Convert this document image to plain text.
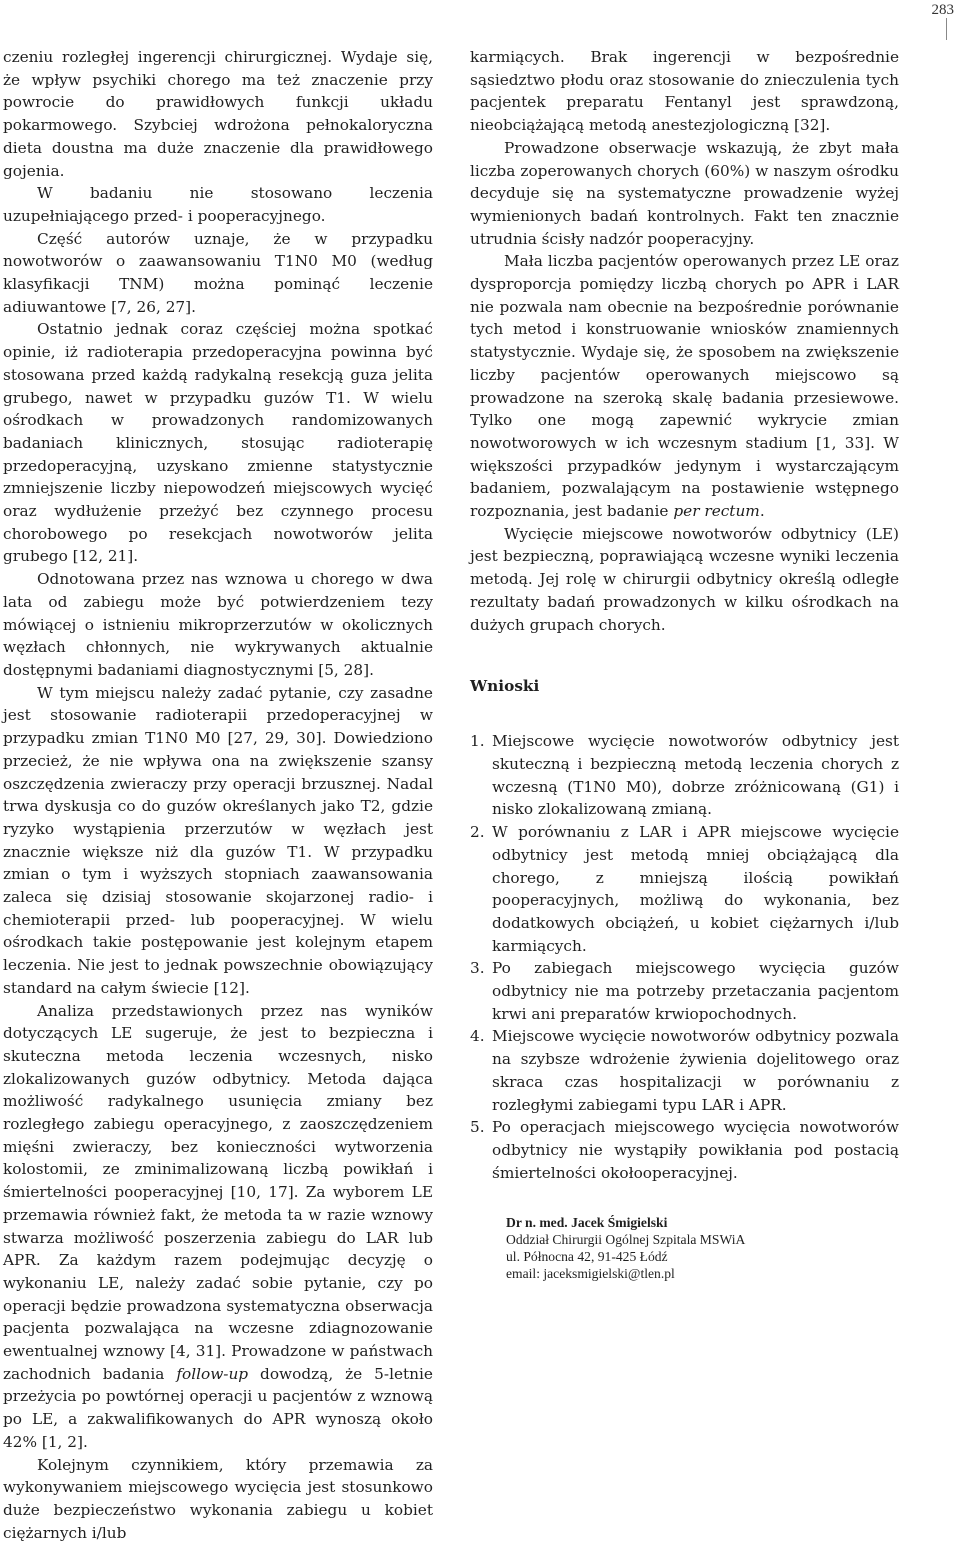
283

czeniu rozległej ingerencji chirurgicznej. Wydaje się, że wpływ psychiki chorego ma też znaczenie przy powrocie do prawidłowych funkcji układu pokarmowego. Szybciej wdrożona pełnokaloryczna dieta doustna ma duże znaczenie dla prawidłowego gojenia.

W badaniu nie stosowano leczenia uzupełniającego przed- i pooperacyjnego.

Część autorów uznaje, że w przypadku nowotworów o zaawansowaniu T1N0 M0 (według klasyfikacji TNM) można pominąć leczenie adiuwantowe [7, 26, 27].

Ostatnio jednak coraz częściej można spotkać opinie, iż radioterapia przedoperacyjna powinna być stosowana przed każdą radykalną resekcją guza jelita grubego, nawet w przypadku guzów T1. W wielu ośrodkach w prowadzonych randomizowanych badaniach klinicznych, stosując radioterapię przedoperacyjną, uzyskano zmienne statystycznie zmniejszenie liczby niepowodzeń miejscowych wycięć oraz wydłużenie przeżyć bez czynnego procesu chorobowego po resekcjach nowotworów jelita grubego [12, 21].

Odnotowana przez nas wznowa u chorego w dwa lata od zabiegu może być potwierdzeniem tezy mówiącej o istnieniu mikroprzerzutów w okolicznych węzłach chłonnych, nie wykrywanych aktualnie dostępnymi badaniami diagnostycznymi [5, 28].

W tym miejscu należy zadać pytanie, czy zasadne jest stosowanie radioterapii przedoperacyjnej w przypadku zmian T1N0 M0 [27, 29, 30]. Dowiedziono przecież, że nie wpływa ona na zwiększenie szansy oszczędzenia zwieraczy przy operacji brzusznej. Nadal trwa dyskusja co do guzów określanych jako T2, gdzie ryzyko wystąpienia przerzutów w węzłach jest znacznie większe niż dla guzów T1. W przypadku zmian o tym i wyższych stopniach zaawansowania zaleca się dzisiaj stosowanie skojarzonej radio- i chemioterapii przed- lub pooperacyjnej. W wielu ośrodkach takie postępowanie jest kolejnym etapem leczenia. Nie jest to jednak powszechnie obowiązujący standard na całym świecie [12].

Analiza przedstawionych przez nas wyników dotyczących LE sugeruje, że jest to bezpieczna i skuteczna metoda leczenia wczesnych, nisko zlokalizowanych guzów odbytnicy. Metoda dająca możliwość radykalnego usunięcia zmiany bez rozległego zabiegu operacyjnego, z zaoszczędzeniem mięśni zwieraczy, bez konieczności wytworzenia kolostomii, ze zminimalizowaną liczbą powikłań i śmiertelności pooperacyjnej [10, 17]. Za wyborem LE przemawia również fakt, że metoda ta w razie wznowy stwarza możliwość poszerzenia zabiegu do LAR lub APR. Za każdym razem podejmując decyzję o wykonaniu LE, należy zadać sobie pytanie, czy po operacji będzie prowadzona systematyczna obserwacja pacjenta pozwalająca na wczesne zdiagnozowanie ewentualnej wznowy [4, 31]. Prowadzone w państwach zachodnich badania follow-up dowodzą, że 5-letnie przeżycia po powtórnej operacji u pacjentów z wznową po LE, a zakwalifikowanych do APR wynoszą około 42% [1, 2].

Kolejnym czynnikiem, który przemawia za wykonywaniem miejscowego wycięcia jest stosunkowo duże bezpieczeństwo wykonania zabiegu u kobiet ciężarnych i/lub

karmiących. Brak ingerencji w bezpośrednie sąsiedztwo płodu oraz stosowanie do znieczulenia tych pacjentek preparatu Fentanyl jest sprawdzoną, nieobciążającą metodą anestezjologiczną [32].

Prowadzone obserwacje wskazują, że zbyt mała liczba zoperowanych chorych (60%) w naszym ośrodku decyduje się na systematyczne prowadzenie wyżej wymienionych badań kontrolnych. Fakt ten znacznie utrudnia ścisły nadzór pooperacyjny.

Mała liczba pacjentów operowanych przez LE oraz dysproporcja pomiędzy liczbą chorych po APR i LAR nie pozwala nam obecnie na bezpośrednie porównanie tych metod i konstruowanie wniosków znamiennych statystycznie. Wydaje się, że sposobem na zwiększenie liczby pacjentów operowanych miejscowo są prowadzone na szeroką skalę badania przesiewowe. Tylko one mogą zapewnić wykrycie zmian nowotworowych w ich wczesnym stadium [1, 33]. W większości przypadków jedynym i wystarczającym badaniem, pozwalającym na postawienie wstępnego rozpoznania, jest badanie per rectum.

Wycięcie miejscowe nowotworów odbytnicy (LE) jest bezpieczną, poprawiającą wczesne wyniki leczenia metodą. Jej rolę w chirurgii odbytnicy określą odległe rezultaty badań prowadzonych w kilku ośrodkach na dużych grupach chorych.

Wnioski

1. Miejscowe wycięcie nowotworów odbytnicy jest skuteczną i bezpieczną metodą leczenia chorych z wczesną (T1N0 M0), dobrze zróżnicowaną (G1) i nisko zlokalizowaną zmianą.
2. W porównaniu z LAR i APR miejscowe wycięcie odbytnicy jest metodą mniej obciążającą dla chorego, z mniejszą ilością powikłań pooperacyjnych, możliwą do wykonania, bez dodatkowych obciążeń, u kobiet ciężarnych i/lub karmiących.
3. Po zabiegach miejscowego wycięcia guzów odbytnicy nie ma potrzeby przetaczania pacjentom krwi ani preparatów krwiopochodnych.
4. Miejscowe wycięcie nowotworów odbytnicy pozwala na szybsze wdrożenie żywienia dojelitowego oraz skraca czas hospitalizacji w porównaniu z rozległymi zabiegami typu LAR i APR.
5. Po operacjach miejscowego wycięcia nowotworów odbytnicy nie wystąpiły powikłania pod postacią śmiertelności okołooperacyjnej.
Dr n. med. Jacek Śmigielski
Oddział Chirurgii Ogólnej Szpitala MSWiA
ul. Północna 42, 91-425 Łódź
email: jaceksmigielski@tlen.pl
